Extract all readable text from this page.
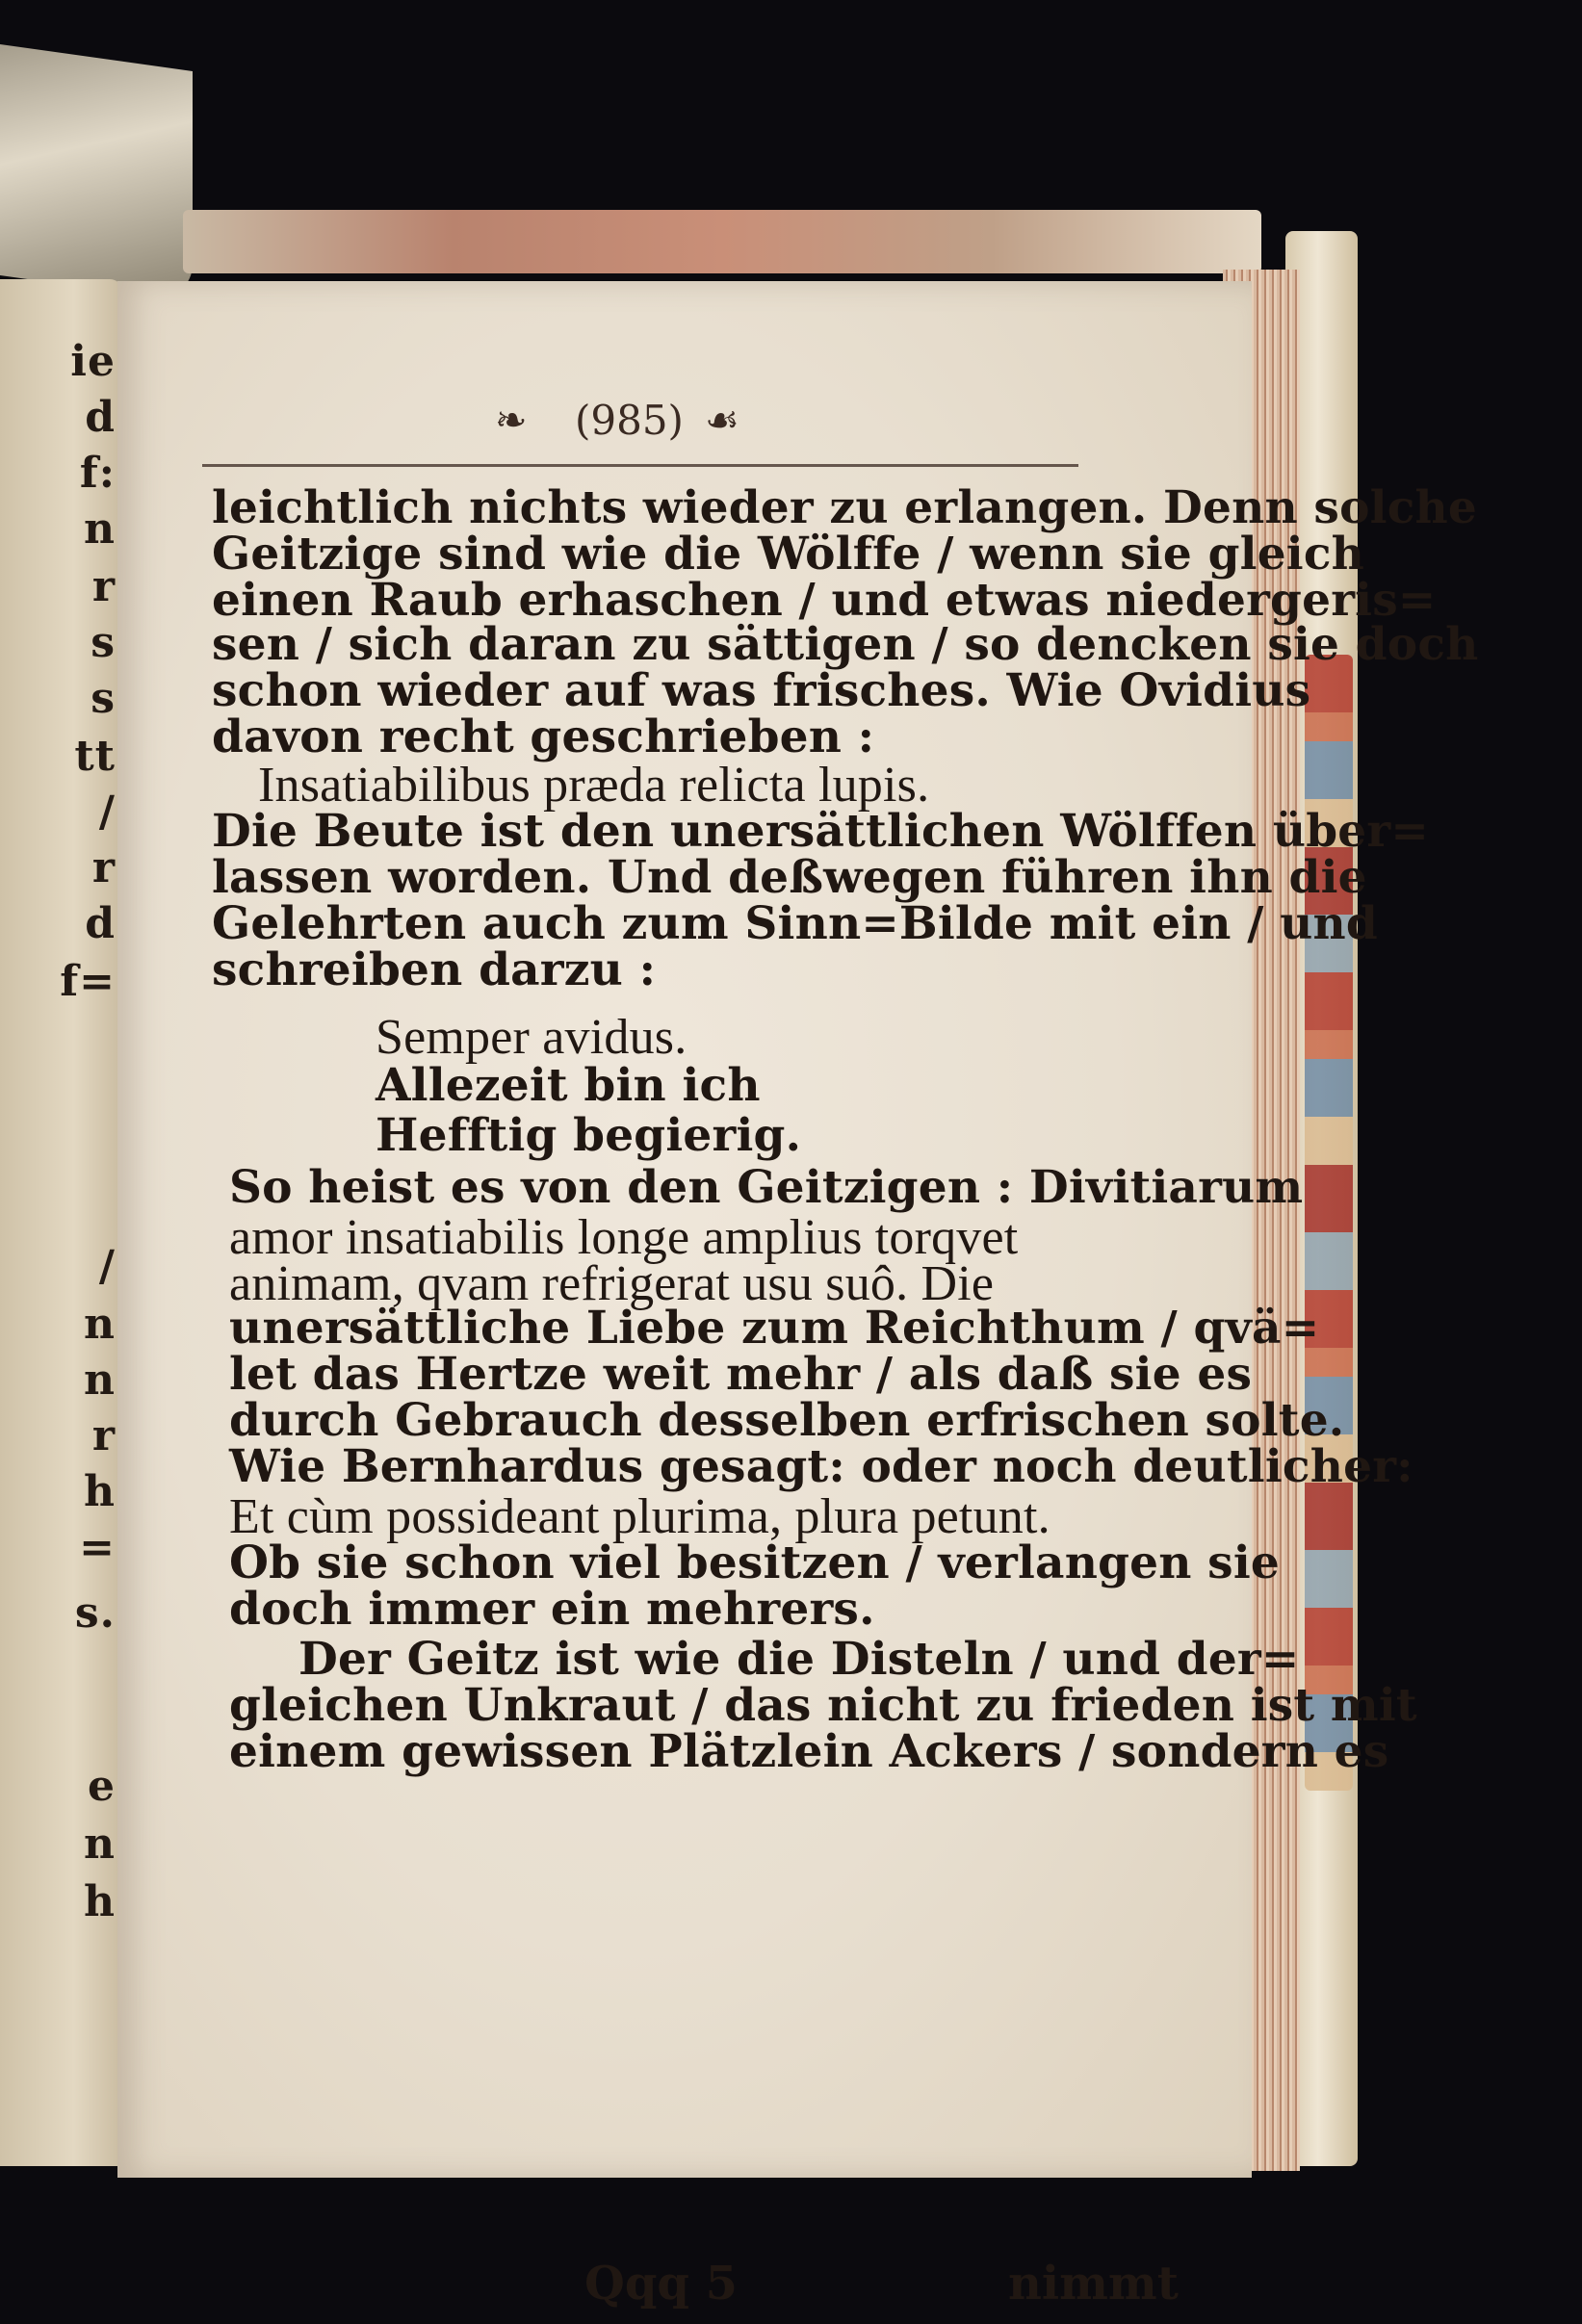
ie
d
f:
n
r
s
s
tt
/
r
d
f=
/
n
n
r
h
=
s.
e
n
h
❧ (985) ☙
leichtlich nichts wieder zu erlangen. Denn solche
Geitzige sind wie die Wölffe / wenn sie gleich
einen Raub erhaschen / und etwas niedergeris=
sen / sich daran zu sättigen / so dencken sie doch
schon wieder auf was frisches. Wie Ovidius
davon recht geschrieben :
Insatiabilibus præda relicta lupis.
Die Beute ist den unersättlichen Wölffen über=
lassen worden. Und deßwegen führen ihn die
Gelehrten auch zum Sinn=Bilde mit ein / und
schreiben darzu :
Semper avidus.
Allezeit bin ich
Hefftig begierig.
So heist es von den Geitzigen : Divitiarum
amor insatiabilis longe amplius torqvet
animam, qvam refrigerat usu suô. Die
unersättliche Liebe zum Reichthum / qvä=
let das Hertze weit mehr / als daß sie es
durch Gebrauch desselben erfrischen solte.
Wie Bernhardus gesagt: oder noch deutlicher:
Et cùm possideant plurima, plura petunt.
Ob sie schon viel besitzen / verlangen sie
doch immer ein mehrers.
Der Geitz ist wie die Disteln / und der=
gleichen Unkraut / das nicht zu frieden ist mit
einem gewissen Plätzlein Ackers / sondern es
Qqq 5	nimmt
